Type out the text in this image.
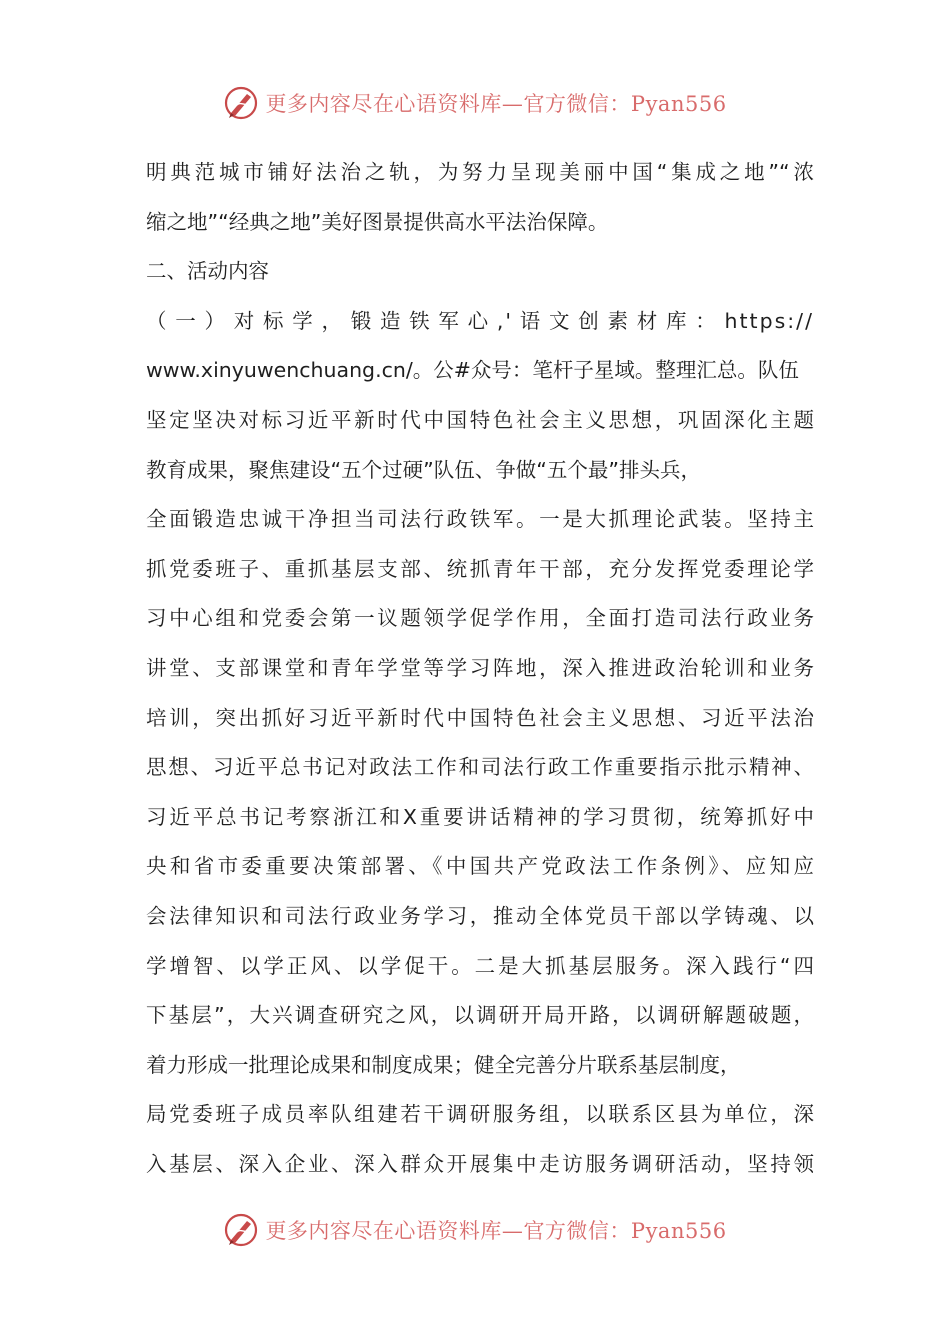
更多内容尽在心语资料库— 官方微信：Pyan556
明典范城市铺好法治之轨，为努力呈现美丽中国“集成之地”“浓
缩之地”“经典之地”美好图景提供高水平法治保障。
二、活动内容
（一）对标学，锻造铁军心,'语文创素材库：https://
www.xinyuwenchuang.cn/。公#众号：笔杆子星域。整理汇总。队伍
坚定坚决对标习近平新时代中国特色社会主义思想，巩固深化主题
教育成果，聚焦建设“五个过硬”队伍、争做“五个最”排头兵，
全面锻造忠诚干净担当司法行政铁军。一是大抓理论武装。坚持主
抓党委班子、重抓基层支部、统抓青年干部，充分发挥党委理论学
习中心组和党委会第一议题领学促学作用，全面打造司法行政业务
讲堂、支部课堂和青年学堂等学习阵地，深入推进政治轮训和业务
培训，突出抓好习近平新时代中国特色社会主义思想、习近平法治
思想、习近平总书记对政法工作和司法行政工作重要指示批示精神、
习近平总书记考察浙江和X重要讲话精神的学习贯彻，统筹抓好中
央和省市委重要决策部署、《中国共产党政法工作条例》、应知应
会法律知识和司法行政业务学习，推动全体党员干部以学铸魂、以
学增智、以学正风、以学促干。二是大抓基层服务。深入践行“四
下基层”，大兴调查研究之风，以调研开局开路，以调研解题破题，
着力形成一批理论成果和制度成果；健全完善分片联系基层制度，
局党委班子成员率队组建若干调研服务组，以联系区县为单位，深
入基层、深入企业、深入群众开展集中走访服务调研活动，坚持领
更多内容尽在心语资料库— 官方微信：Pyan556
